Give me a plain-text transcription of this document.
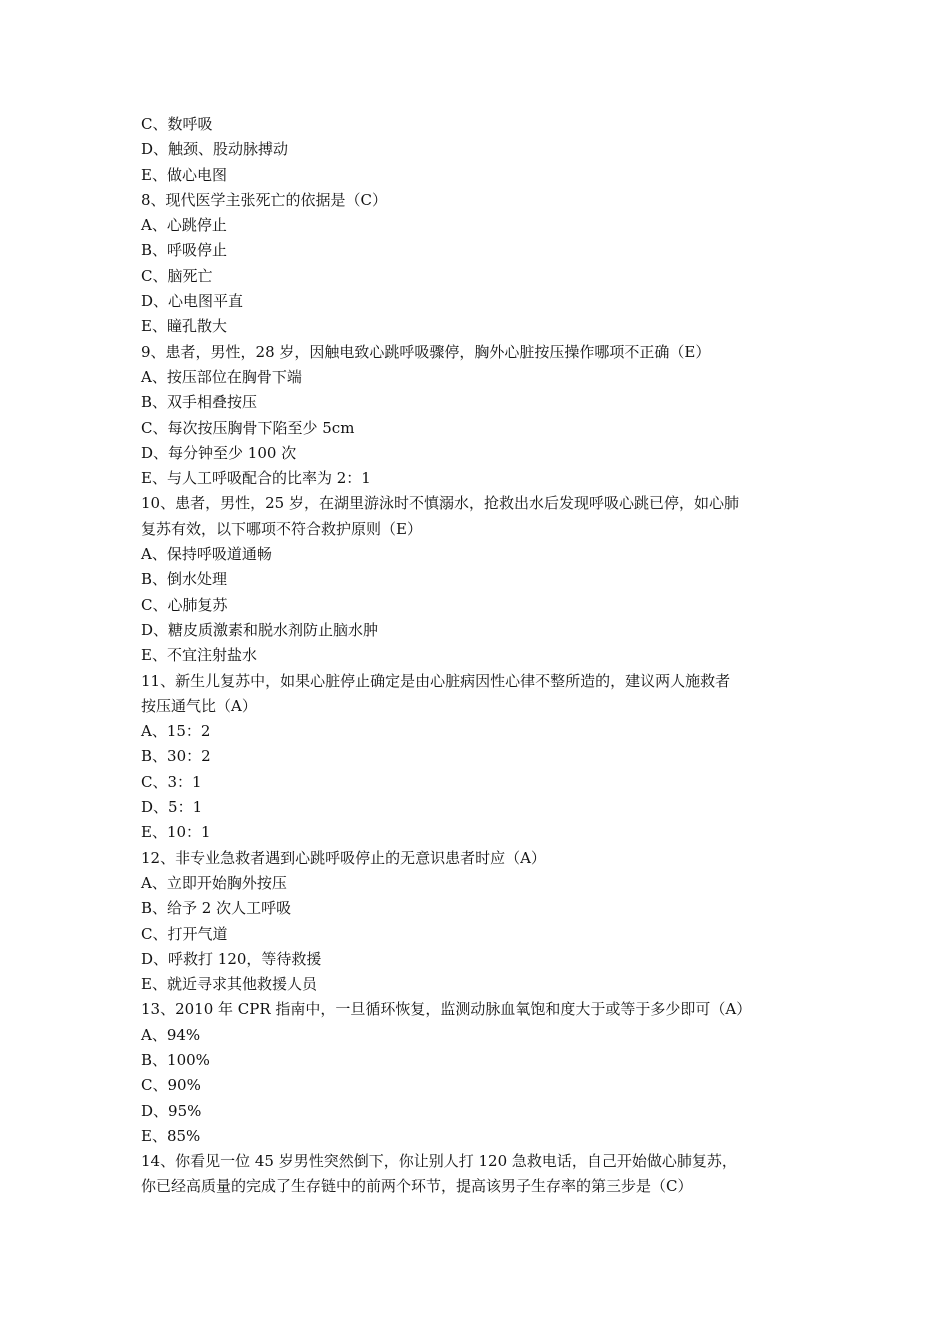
C、数呼吸

D、触颈、股动脉搏动

E、做心电图

8、现代医学主张死亡的依据是（C）

A、心跳停止

B、呼吸停止

C、脑死亡

D、心电图平直

E、瞳孔散大

9、患者，男性，28 岁，因触电致心跳呼吸骤停，胸外心脏按压操作哪项不正确（E）

A、按压部位在胸骨下端

B、双手相叠按压

C、每次按压胸骨下陷至少 5cm

D、每分钟至少 100 次

E、与人工呼吸配合的比率为 2：1

10、患者，男性，25 岁，在湖里游泳时不慎溺水，抢救出水后发现呼吸心跳已停，如心肺

复苏有效，以下哪项不符合救护原则（E）

A、保持呼吸道通畅

B、倒水处理

C、心肺复苏

D、糖皮质激素和脱水剂防止脑水肿

E、不宜注射盐水

11、新生儿复苏中，如果心脏停止确定是由心脏病因性心律不整所造的，建议两人施救者

按压通气比（A）

A、15：2

B、30：2

C、3：1

D、5：1

E、10：1

12、非专业急救者遇到心跳呼吸停止的无意识患者时应（A）

A、立即开始胸外按压

B、给予 2 次人工呼吸

C、打开气道

D、呼救打 120，等待救援

E、就近寻求其他救援人员

13、2010 年 CPR 指南中，一旦循环恢复，监测动脉血氧饱和度大于或等于多少即可（A）

A、94%

B、100%

C、90%

D、95%

E、85%

14、你看见一位 45 岁男性突然倒下，你让别人打 120 急救电话，自己开始做心肺复苏，

你已经高质量的完成了生存链中的前两个环节，提高该男子生存率的第三步是（C）
